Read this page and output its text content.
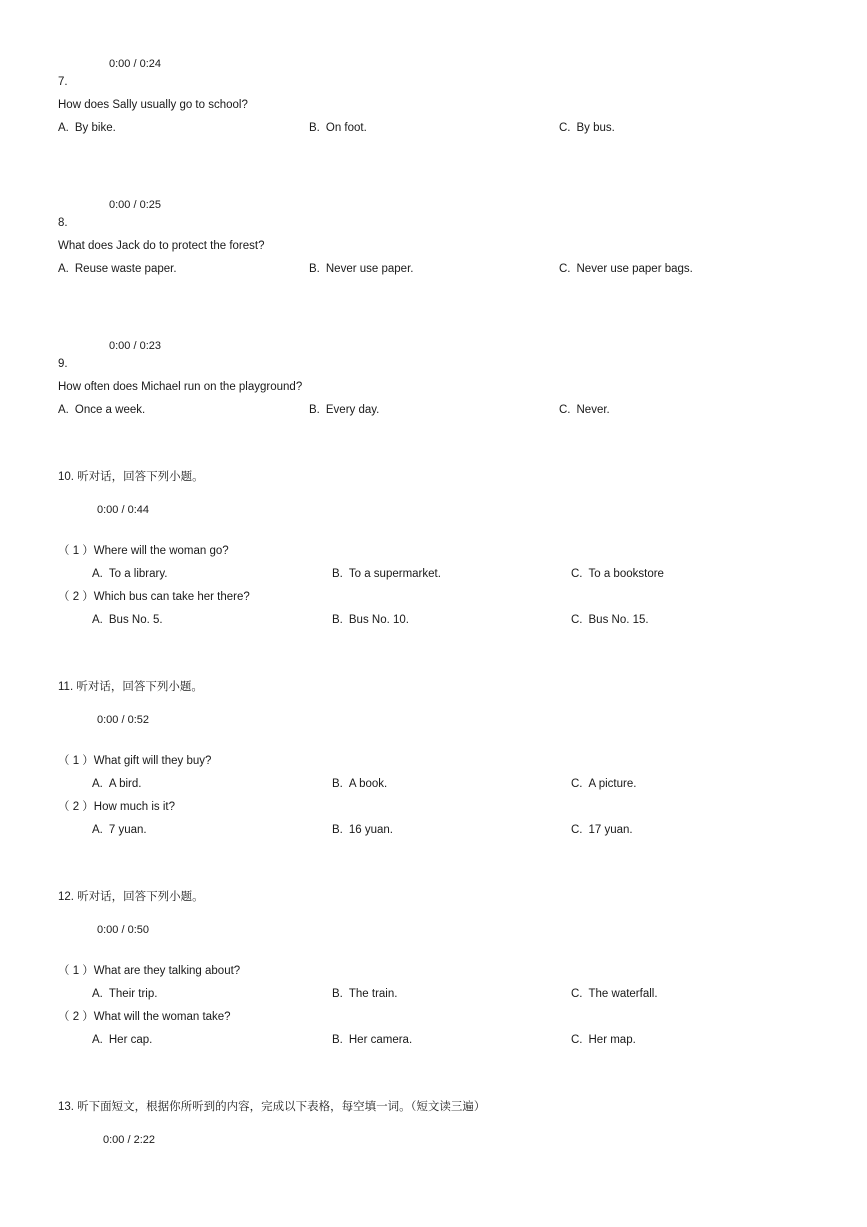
0:00 / 0:24
7.
How does Sally usually go to school?
A. By bike.	B. On foot.	C. By bus.
0:00 / 0:25
8.
What does Jack do to protect the forest?
A. Reuse waste paper.	B. Never use paper.	C. Never use paper bags.
0:00 / 0:23
9.
How often does Michael run on the playground?
A. Once a week.	B. Every day.	C. Never.
10. 听对话，回答下列小题。
0:00 / 0:44
（ 1 ）Where will the woman go?
A. To a library.	B. To a supermarket.	C. To a bookstore
（ 2 ）Which bus can take her there?
A. Bus No. 5.	B. Bus No. 10.	C. Bus No. 15.
11. 听对话，回答下列小题。
0:00 / 0:52
（ 1 ）What gift will they buy?
A. A bird.	B. A book.	C. A picture.
（ 2 ）How much is it?
A. 7 yuan.	B. 16 yuan.	C. 17 yuan.
12. 听对话，回答下列小题。
0:00 / 0:50
（ 1 ）What are they talking about?
A. Their trip.	B. The train.	C. The waterfall.
（ 2 ）What will the woman take?
A. Her cap.	B. Her camera.	C. Her map.
13. 听下面短文，根据你所听到的内容，完成以下表格，每空填一词。（短文读三遍）
0:00 / 2:22
